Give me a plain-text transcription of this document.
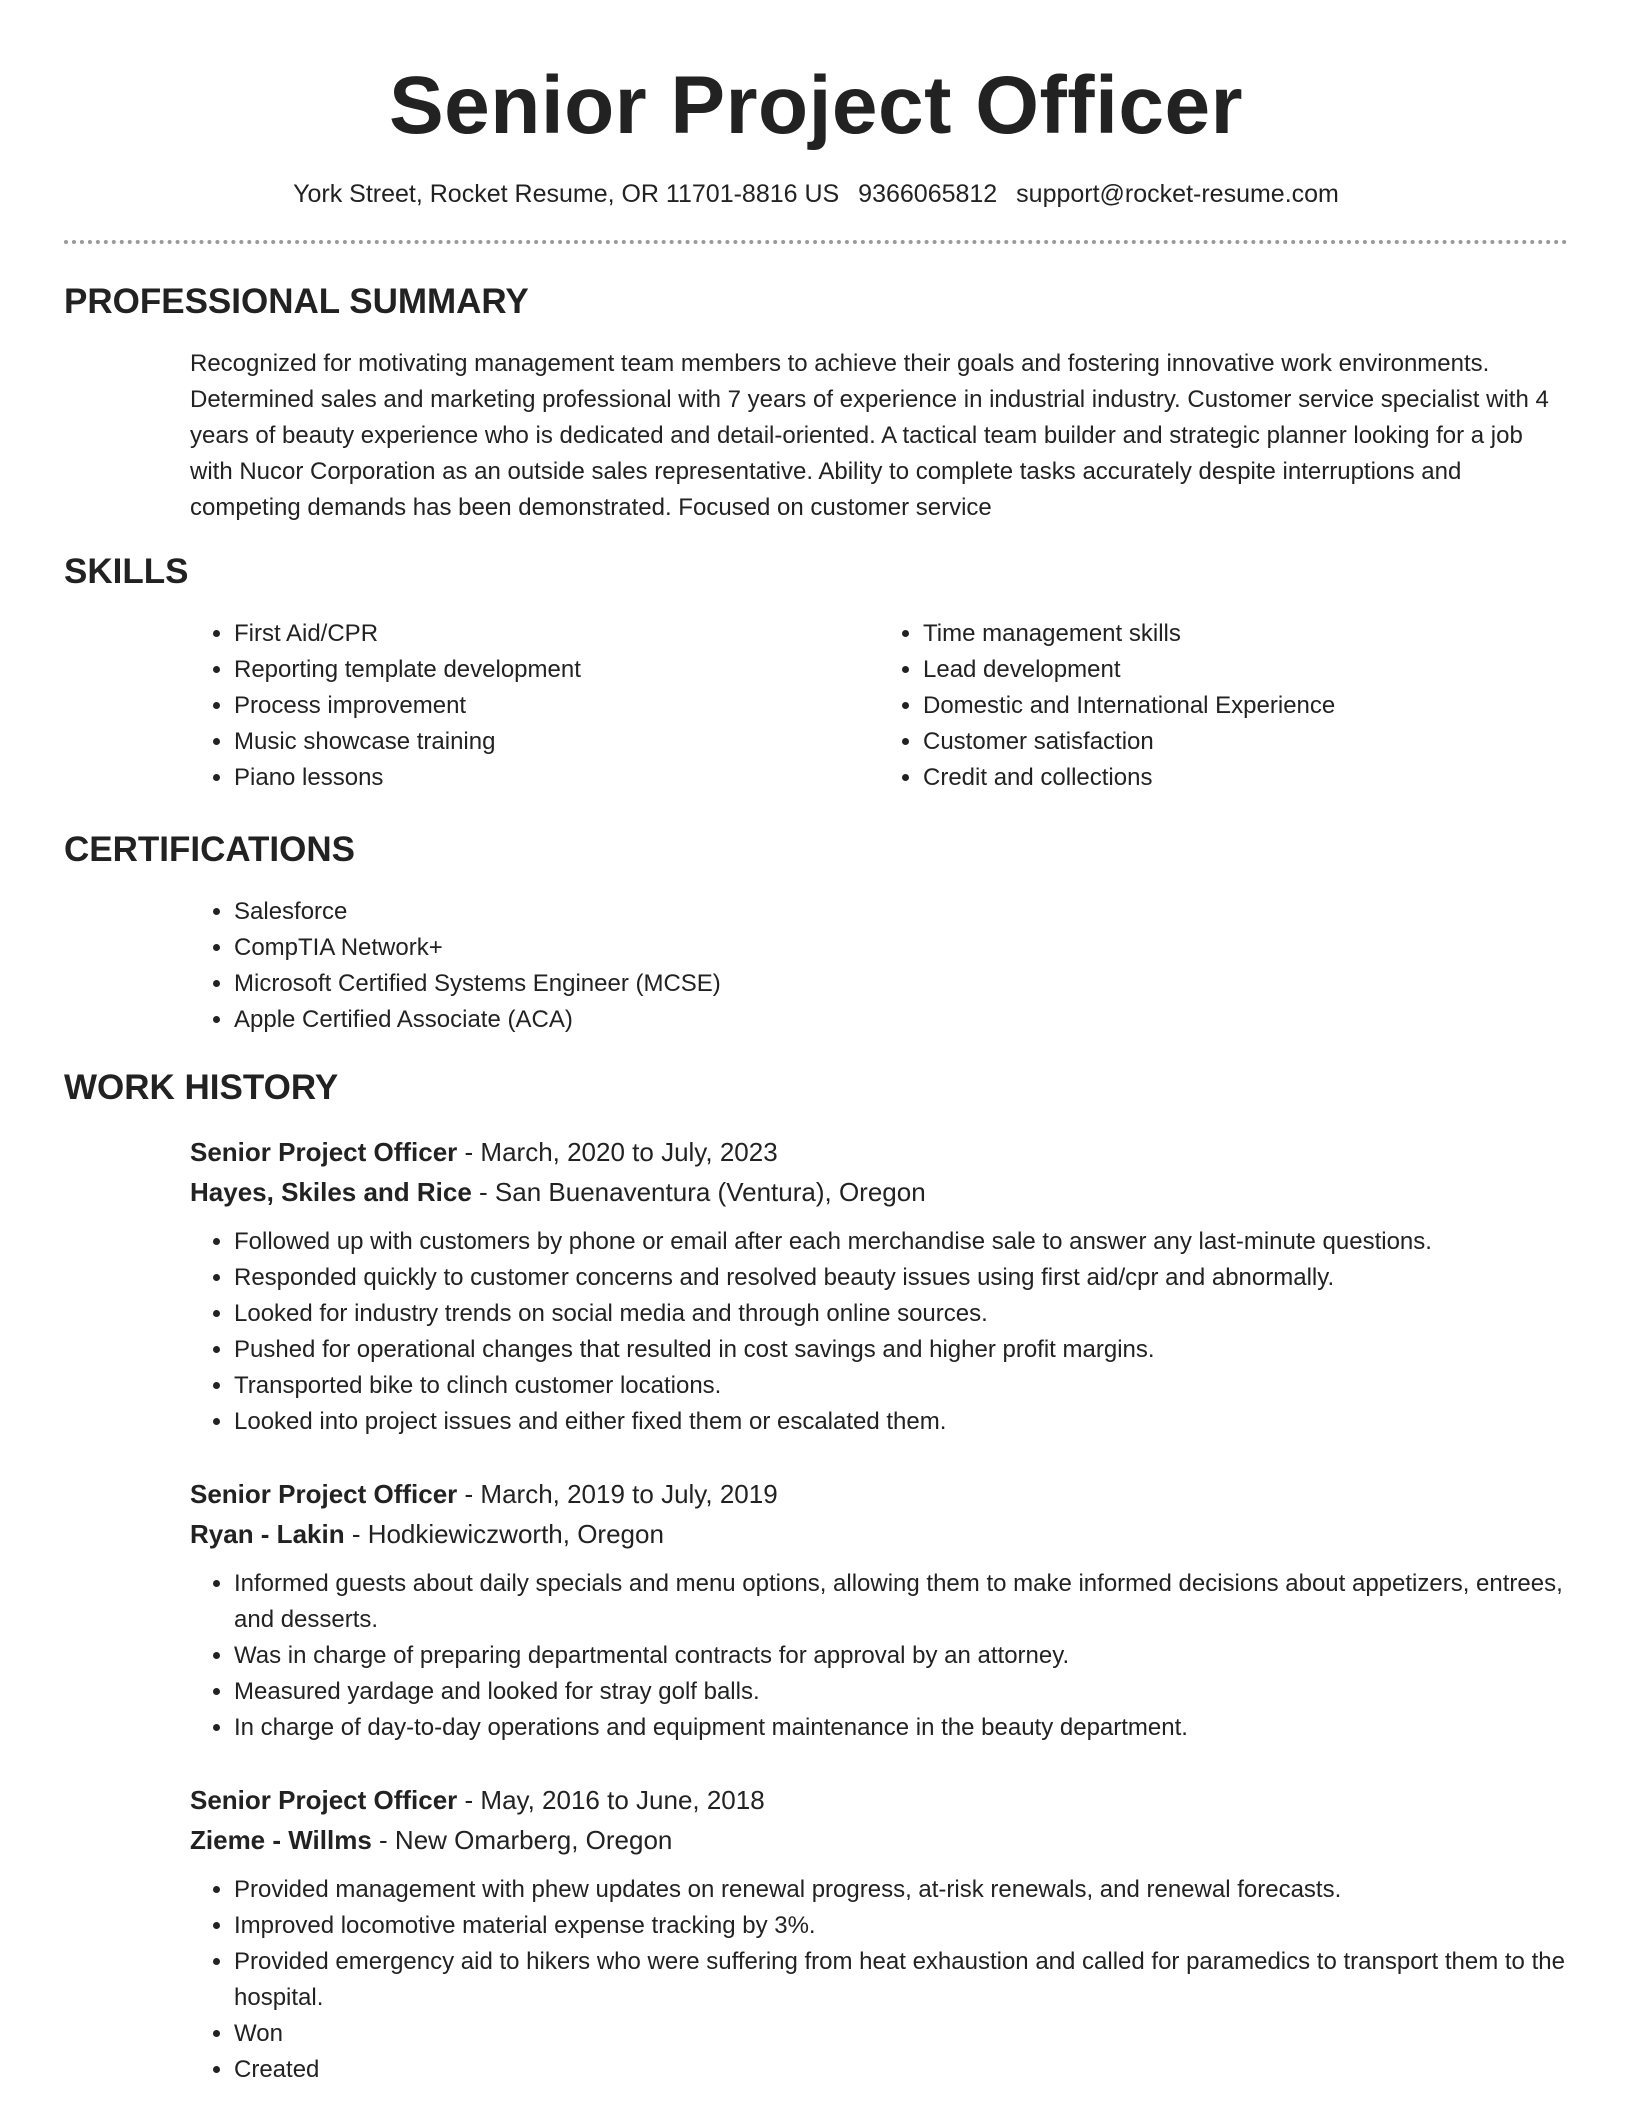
Senior Project Officer
York Street, Rocket Resume, OR 11701-8816 US 9366065812 support@rocket-resume.com
PROFESSIONAL SUMMARY

Recognized for motivating management team members to achieve their goals and fostering innovative work environments. Determined sales and marketing professional with 7 years of experience in industrial industry. Customer service specialist with 4 years of beauty experience who is dedicated and detail-oriented. A tactical team builder and strategic planner looking for a job with Nucor Corporation as an outside sales representative. Ability to complete tasks accurately despite interruptions and competing demands has been demonstrated. Focused on customer service

SKILLS
• First Aid/CPR
• Reporting template development
• Process improvement
• Music showcase training
• Piano lessons
• Time management skills
• Lead development
• Domestic and International Experience
• Customer satisfaction
• Credit and collections
CERTIFICATIONS
• Salesforce
• CompTIA Network+
• Microsoft Certified Systems Engineer (MCSE)
• Apple Certified Associate (ACA)
WORK HISTORY
Senior Project Officer - March, 2020 to July, 2023
Hayes, Skiles and Rice - San Buenaventura (Ventura), Oregon
• Followed up with customers by phone or email after each merchandise sale to answer any last-minute questions.
• Responded quickly to customer concerns and resolved beauty issues using first aid/cpr and abnormally.
• Looked for industry trends on social media and through online sources.
• Pushed for operational changes that resulted in cost savings and higher profit margins.
• Transported bike to clinch customer locations.
• Looked into project issues and either fixed them or escalated them.
Senior Project Officer - March, 2019 to July, 2019
Ryan - Lakin - Hodkiewiczworth, Oregon
• Informed guests about daily specials and menu options, allowing them to make informed decisions about appetizers, entrees, and desserts.
• Was in charge of preparing departmental contracts for approval by an attorney.
• Measured yardage and looked for stray golf balls.
• In charge of day-to-day operations and equipment maintenance in the beauty department.
Senior Project Officer - May, 2016 to June, 2018
Zieme - Willms - New Omarberg, Oregon
• Provided management with phew updates on renewal progress, at-risk renewals, and renewal forecasts.
• Improved locomotive material expense tracking by 3%.
• Provided emergency aid to hikers who were suffering from heat exhaustion and called for paramedics to transport them to the hospital.
• Won
• Created
